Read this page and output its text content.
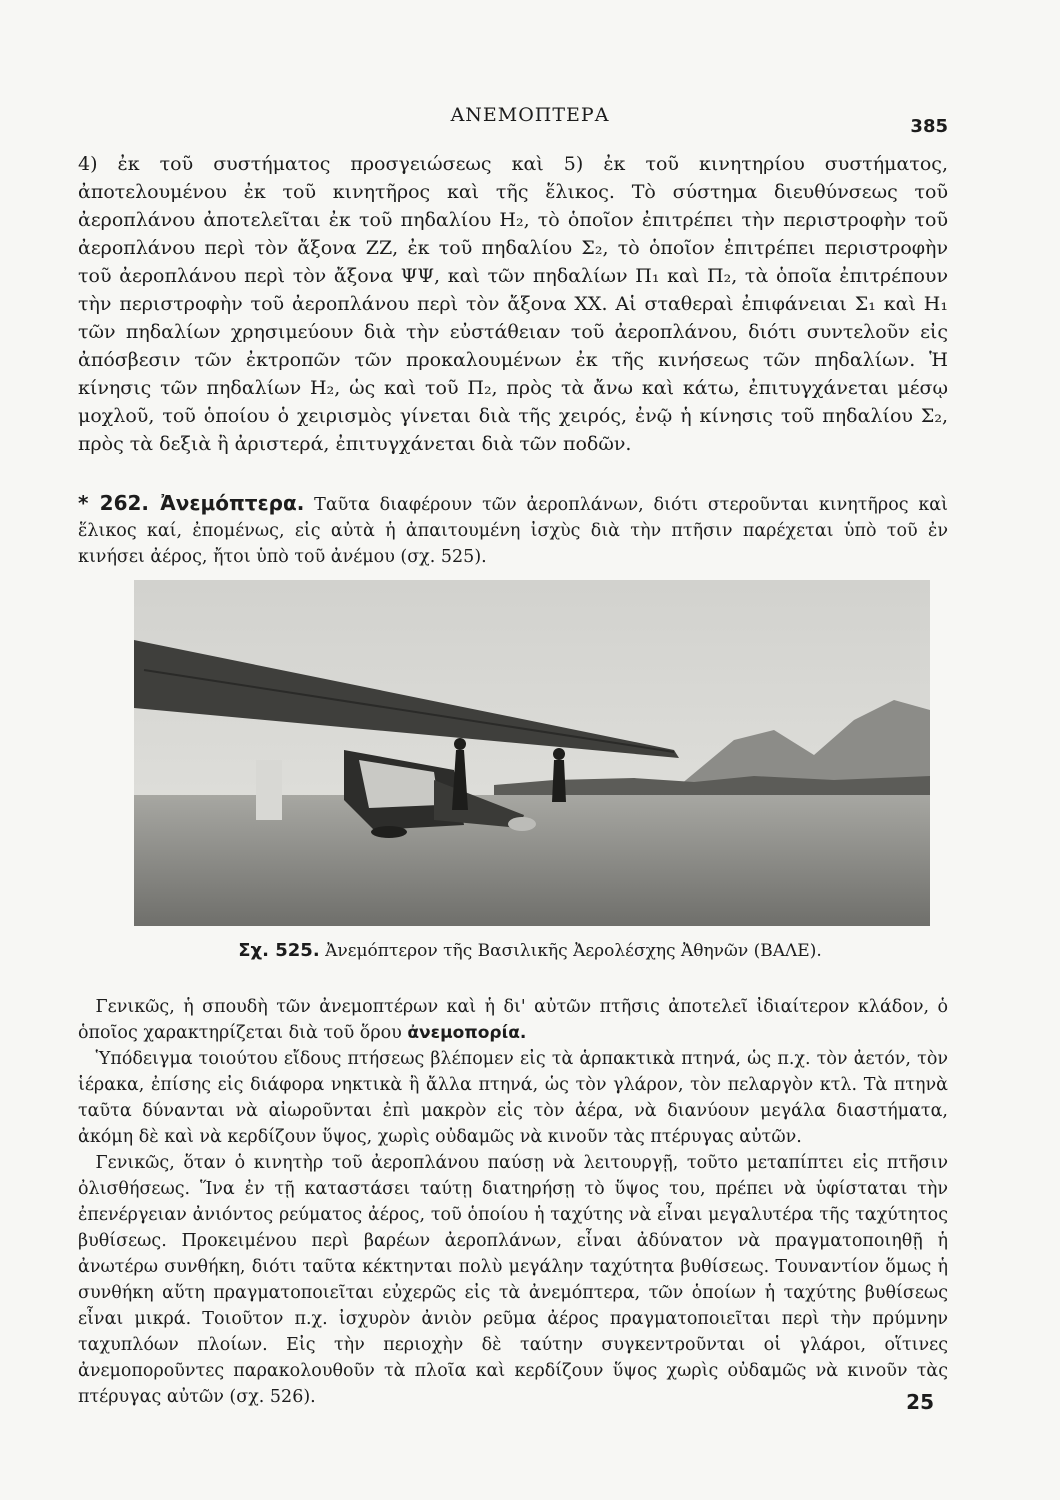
ΑΝΕΜΟΠΤΕΡΑ
385

4) ἐκ τοῦ συστήματος προσγειώσεως καὶ 5) ἐκ τοῦ κινητηρίου συστήματος, ἀποτελουμένου ἐκ τοῦ κινητῆρος καὶ τῆς ἕλικος. Τὸ σύστημα διευθύνσεως τοῦ ἀεροπλάνου ἀποτελεῖται ἐκ τοῦ πηδαλίου Η₂, τὸ ὁποῖον ἐπιτρέπει τὴν περιστροφὴν τοῦ ἀεροπλάνου περὶ τὸν ἄξονα ΖΖ, ἐκ τοῦ πηδαλίου Σ₂, τὸ ὁποῖον ἐπιτρέπει περιστροφὴν τοῦ ἀεροπλάνου περὶ τὸν ἄξονα ΨΨ, καὶ τῶν πηδαλίων Π₁ καὶ Π₂, τὰ ὁποῖα ἐπιτρέπουν τὴν περιστροφὴν τοῦ ἀεροπλάνου περὶ τὸν ἄξονα ΧΧ. Αἱ σταθεραὶ ἐπιφάνειαι Σ₁ καὶ Η₁ τῶν πηδαλίων χρησιμεύουν διὰ τὴν εὐστάθειαν τοῦ ἀεροπλάνου, διότι συντελοῦν εἰς ἀπόσβεσιν τῶν ἐκτροπῶν τῶν προκαλουμένων ἐκ τῆς κινήσεως τῶν πηδαλίων. Ἡ κίνησις τῶν πηδαλίων Η₂, ὡς καὶ τοῦ Π₂, πρὸς τὰ ἄνω καὶ κάτω, ἐπιτυγχάνεται μέσῳ μοχλοῦ, τοῦ ὁποίου ὁ χειρισμὸς γίνεται διὰ τῆς χειρός, ἐνῷ ἡ κίνησις τοῦ πηδαλίου Σ₂, πρὸς τὰ δεξιὰ ἢ ἀριστερά, ἐπιτυγχάνεται διὰ τῶν ποδῶν.

* 262. Ἀνεμόπτερα. Ταῦτα διαφέρουν τῶν ἀεροπλάνων, διότι στεροῦνται κινητῆρος καὶ ἕλικος καί, ἐπομένως, εἰς αὐτὰ ἡ ἀπαιτουμένη ἰσχὺς διὰ τὴν πτῆσιν παρέχεται ὑπὸ τοῦ ἐν κινήσει ἀέρος, ἤτοι ὑπὸ τοῦ ἀνέμου (σχ. 525).

Σχ. 525. Ἀνεμόπτερον τῆς Βασιλικῆς Ἀερολέσχης Ἀθηνῶν (ΒΑΛΕ).

 Γενικῶς, ἡ σπουδὴ τῶν ἀνεμοπτέρων καὶ ἡ δι' αὐτῶν πτῆσις ἀποτελεῖ ἰδιαίτερον κλάδον, ὁ ὁποῖος χαρακτηρίζεται διὰ τοῦ ὅρου ἀνεμοπορία.

 Ὑπόδειγμα τοιούτου εἴδους πτήσεως βλέπομεν εἰς τὰ ἁρπακτικὰ πτηνά, ὡς π.χ. τὸν ἀετόν, τὸν ἱέρακα, ἐπίσης εἰς διάφορα νηκτικὰ ἢ ἄλλα πτηνά, ὡς τὸν γλάρον, τὸν πελαργὸν κτλ. Τὰ πτηνὰ ταῦτα δύνανται νὰ αἰωροῦνται ἐπὶ μακρὸν εἰς τὸν ἀέρα, νὰ διανύουν μεγάλα διαστήματα, ἀκόμη δὲ καὶ νὰ κερδίζουν ὕψος, χωρὶς οὐδαμῶς νὰ κινοῦν τὰς πτέρυγας αὐτῶν.

 Γενικῶς, ὅταν ὁ κινητὴρ τοῦ ἀεροπλάνου παύσῃ νὰ λειτουργῇ, τοῦτο μεταπίπτει εἰς πτῆσιν ὀλισθήσεως. Ἵνα ἐν τῇ καταστάσει ταύτῃ διατηρήσῃ τὸ ὕψος του, πρέπει νὰ ὑφίσταται τὴν ἐπενέργειαν ἀνιόντος ρεύματος ἀέρος, τοῦ ὁποίου ἡ ταχύτης νὰ εἶναι μεγαλυτέρα τῆς ταχύτητος βυθίσεως. Προκειμένου περὶ βαρέων ἀεροπλάνων, εἶναι ἀδύνατον νὰ πραγματοποιηθῇ ἡ ἀνωτέρω συνθήκη, διότι ταῦτα κέκτηνται πολὺ μεγάλην ταχύτητα βυθίσεως. Τουναντίον ὅμως ἡ συνθήκη αὕτη πραγματοποιεῖται εὐχερῶς εἰς τὰ ἀνεμόπτερα, τῶν ὁποίων ἡ ταχύτης βυθίσεως εἶναι μικρά. Τοιοῦτον π.χ. ἰσχυρὸν ἀνιὸν ρεῦμα ἀέρος πραγματοποιεῖται περὶ τὴν πρύμνην ταχυπλόων πλοίων. Εἰς τὴν περιοχὴν δὲ ταύτην συγκεντροῦνται οἱ γλάροι, οἵτινες ἀνεμοποροῦντες παρακολουθοῦν τὰ πλοῖα καὶ κερδίζουν ὕψος χωρὶς οὐδαμῶς νὰ κινοῦν τὰς πτέρυγας αὐτῶν (σχ. 526).	25
